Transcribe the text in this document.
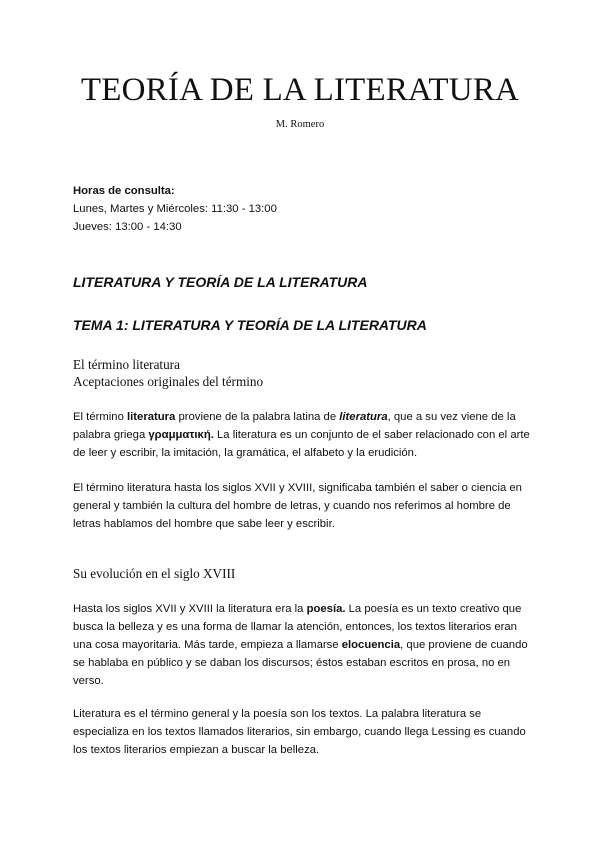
TEORÍA DE LA LITERATURA
M. Romero
Horas de consulta:
Lunes, Martes y Miércoles: 11:30 - 13:00
Jueves: 13:00 - 14:30
LITERATURA Y TEORÍA DE LA LITERATURA
TEMA 1: LITERATURA Y TEORÍA DE LA LITERATURA
El término literatura
Aceptaciones originales del término

El término literatura proviene de la palabra latina de literatura, que a su vez viene de la palabra griega γραμματική. La literatura es un conjunto de el saber relacionado con el arte de leer y escribir, la imitación, la gramática, el alfabeto y la erudición.

El término literatura hasta los siglos XVII y XVIII, significaba también el saber o ciencia en general y también la cultura del hombre de letras, y cuando nos referimos al hombre de letras hablamos del hombre que sabe leer y escribir.

Su evolución en el siglo XVIII

Hasta los siglos XVII y XVIII la literatura era la poesía. La poesía es un texto creativo que busca la belleza y es una forma de llamar la atención, entonces, los textos literarios eran una cosa mayoritaria. Más tarde, empieza a llamarse elocuencia, que proviene de cuando se hablaba en público y se daban los discursos; éstos estaban escritos en prosa, no en verso.

Literatura es el término general y la poesía son los textos. La palabra literatura se especializa en los textos llamados literarios, sin embargo, cuando llega Lessing es cuando los textos literarios empiezan a buscar la belleza.
